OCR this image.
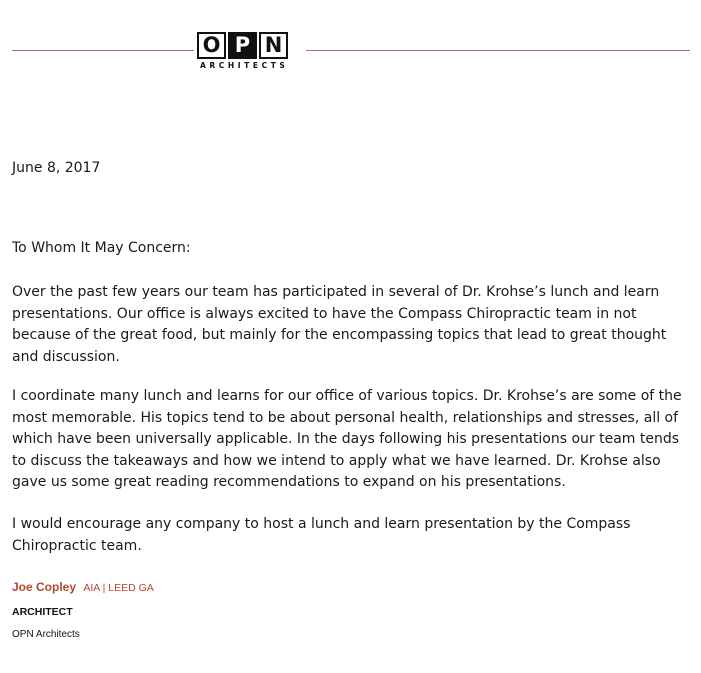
O P N
ARCHITECTS
June 8, 2017
To Whom It May Concern:
Over the past few years our team has participated in several of Dr. Krohse’s lunch and learn
presentations. Our office is always excited to have the Compass Chiropractic team in not
because of the great food, but mainly for the encompassing topics that lead to great thought
and discussion.
I coordinate many lunch and learns for our office of various topics. Dr. Krohse’s are some of the
most memorable. His topics tend to be about personal health, relationships and stresses, all of
which have been universally applicable. In the days following his presentations our team tends
to discuss the takeaways and how we intend to apply what we have learned. Dr. Krohse also
gave us some great reading recommendations to expand on his presentations.
I would encourage any company to host a lunch and learn presentation by the Compass
Chiropractic team.
Joe Copley AIA | LEED GA
ARCHITECT
OPN Architects
